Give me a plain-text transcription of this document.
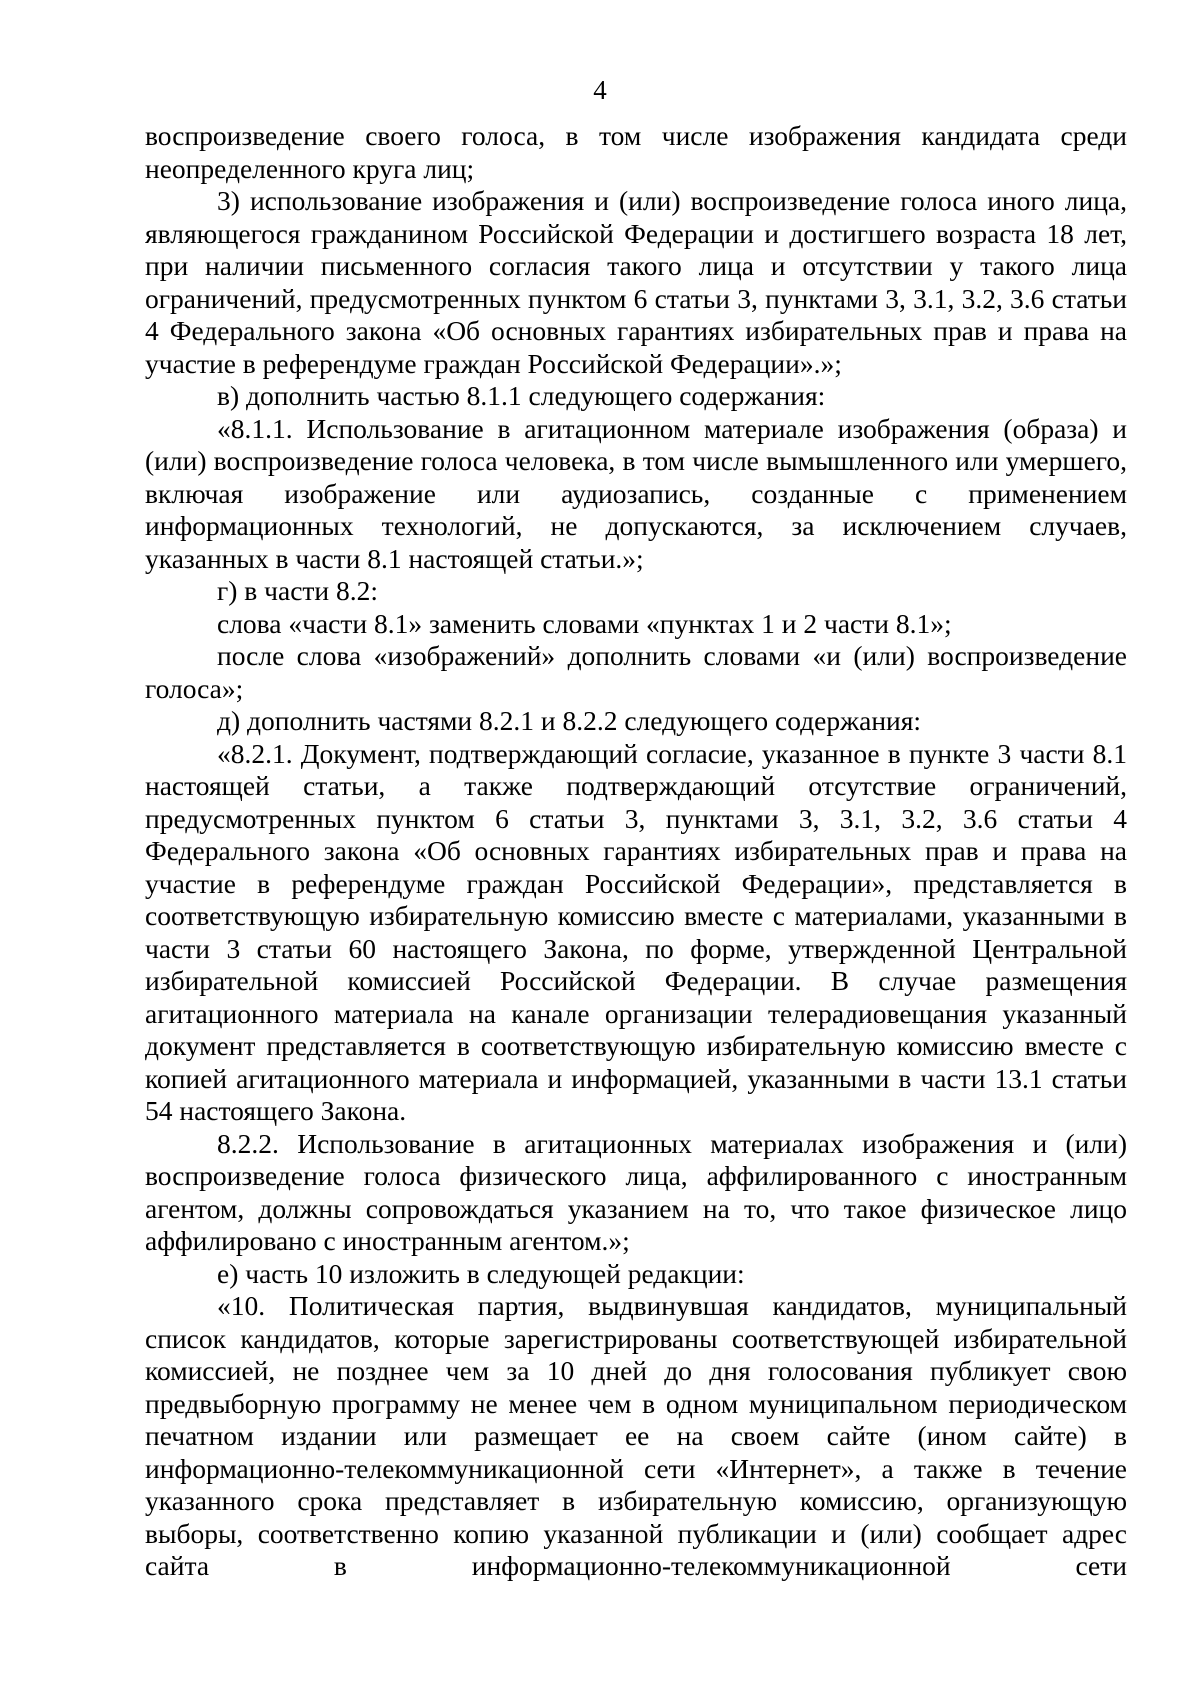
4

воспроизведение своего голоса, в том числе изображения кандидата среди неопределенного круга лиц;

3) использование изображения и (или) воспроизведение голоса иного лица, являющегося гражданином Российской Федерации и достигшего возраста 18 лет, при наличии письменного согласия такого лица и отсутствии у такого лица ограничений, предусмотренных пунктом 6 статьи 3, пунктами 3, 3.1, 3.2, 3.6 статьи 4 Федерального закона «Об основных гарантиях избирательных прав и права на участие в референдуме граждан Российской Федерации».»;

в) дополнить частью 8.1.1 следующего содержания:

«8.1.1. Использование в агитационном материале изображения (образа) и (или) воспроизведение голоса человека, в том числе вымышленного или умершего, включая изображение или аудиозапись, созданные с применением информационных технологий, не допускаются, за исключением случаев, указанных в части 8.1 настоящей статьи.»;

г) в части 8.2:

слова «части 8.1» заменить словами «пунктах 1 и 2 части 8.1»;

после слова «изображений» дополнить словами «и (или) воспроизведение голоса»;

д) дополнить частями 8.2.1 и 8.2.2 следующего содержания:

«8.2.1. Документ, подтверждающий согласие, указанное в пункте 3 части 8.1 настоящей статьи, а также подтверждающий отсутствие ограничений, предусмотренных пунктом 6 статьи 3, пунктами 3, 3.1, 3.2, 3.6 статьи 4 Федерального закона «Об основных гарантиях избирательных прав и права на участие в референдуме граждан Российской Федерации», представляется в соответствующую избирательную комиссию вместе с материалами, указанными в части 3 статьи 60 настоящего Закона, по форме, утвержденной Центральной избирательной комиссией Российской Федерации. В случае размещения агитационного материала на канале организации телерадиовещания указанный документ представляется в соответствующую избирательную комиссию вместе с копией агитационного материала и информацией, указанными в части 13.1 статьи 54 настоящего Закона.

8.2.2. Использование в агитационных материалах изображения и (или) воспроизведение голоса физического лица, аффилированного с иностранным агентом, должны сопровождаться указанием на то, что такое физическое лицо аффилировано с иностранным агентом.»;

е) часть 10 изложить в следующей редакции:

«10. Политическая партия, выдвинувшая кандидатов, муниципальный список кандидатов, которые зарегистрированы соответствующей избирательной комиссией, не позднее чем за 10 дней до дня голосования публикует свою предвыборную программу не менее чем в одном муниципальном периодическом печатном издании или размещает ее на своем сайте (ином сайте) в информационно-телекоммуникационной сети «Интернет», а также в течение указанного срока представляет в избирательную комиссию, организующую выборы, соответственно копию указанной публикации и (или) сообщает адрес сайта в информационно-телекоммуникационной сети
